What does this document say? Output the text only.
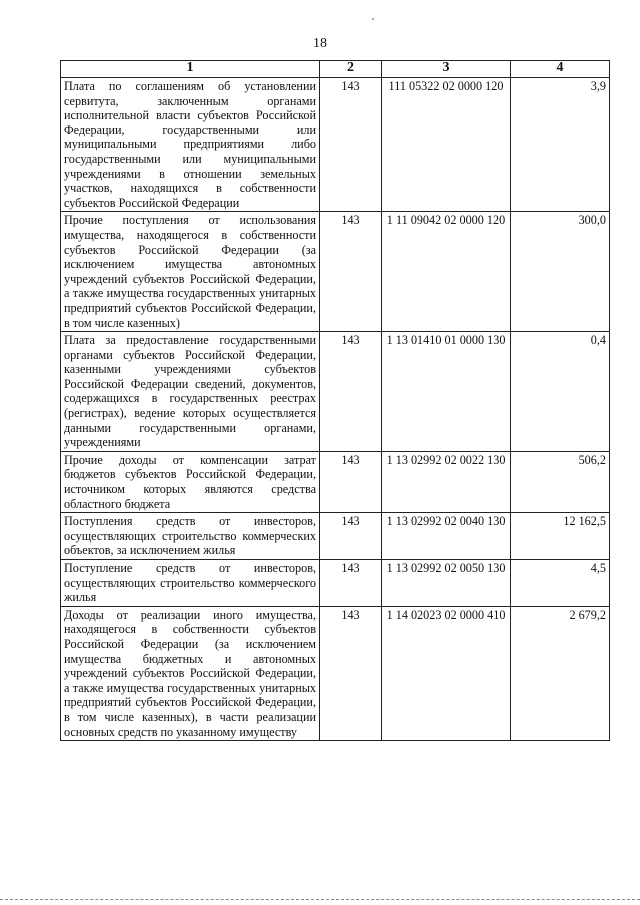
18
1	2	3	4
Плата по соглашениям об установлении сервитута, заключенным органами исполнительной власти субъектов Российской Федерации, государственными или муниципальными предприятиями либо государственными или муниципальными учреждениями в отношении земельных участков, находящихся в собственности субъектов Российской Федерации	143	111 05322 02 0000 120	3,9
Прочие поступления от использования имущества, находящегося в собственности субъектов Российской Федерации (за исключением имущества автономных учреждений субъектов Российской Федерации, а также имущества государственных унитарных предприятий субъектов Российской Федерации, в том числе казенных)	143	1 11 09042 02 0000 120	300,0
Плата за предоставление государственными органами субъектов Российской Федерации, казенными учреждениями субъектов Российской Федерации сведений, документов, содержащихся в государственных реестрах (регистрах), ведение которых осуществляется данными государственными органами, учреждениями	143	1 13 01410 01 0000 130	0,4
Прочие доходы от компенсации затрат бюджетов субъектов Российской Федерации, источником которых являются средства областного бюджета	143	1 13 02992 02 0022 130	506,2
Поступления средств от инвесторов, осуществляющих строительство коммерческих объектов, за исключением жилья	143	1 13 02992 02 0040 130	12 162,5
Поступление средств от инвесторов, осуществляющих строительство коммерческого жилья	143	1 13 02992 02 0050 130	4,5
Доходы от реализации иного имущества, находящегося в собственности субъектов Российской Федерации (за исключением имущества бюджетных и автономных учреждений субъектов Российской Федерации, а также имущества государственных унитарных предприятий субъектов Российской Федерации, в том числе казенных), в части реализации основных средств по указанному имуществу	143	1 14 02023 02 0000 410	2 679,2
